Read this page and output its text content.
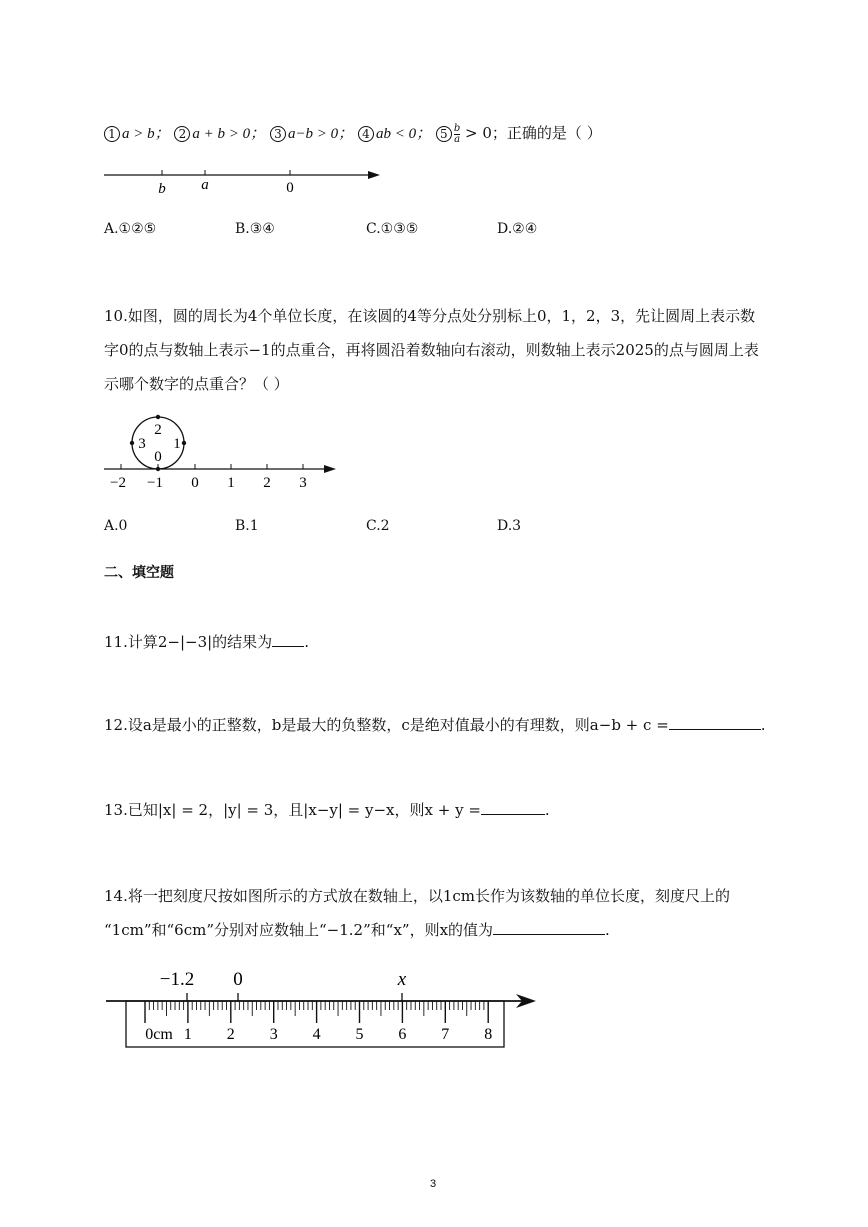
1 a > b； 2 a + b > 0； 3 a−b > 0； 4 ab < 0； $5 \frac{b}{a} > 0$；正确的是（ ）
b a	0
A.①②⑤	B.③④	C.①③⑤	D.②④
10.如图，圆的周长为4个单位长度，在该圆的4等分点处分别标上0，1，2，3，先让圆周上表示数
字0的点与数轴上表示−1的点重合，再将圆沿着数轴向右滚动，则数轴上表示2025的点与圆周上表
示哪个数字的点重合？（ ）
2
3 1
0
−2 −1 0 1 2 3
A.0	B.1	C.2	D.3
二、填空题
11.计算2−|−3|的结果为 .
12.设a是最小的正整数，b是最大的负整数，c是绝对值最小的有理数，则a−b + c =	.
13.已知|x| = 2，|y| = 3，且|x−y| = y−x，则x + y =	.
14.将一把刻度尺按如图所示的方式放在数轴上，以1cm长作为该数轴的单位长度，刻度尺上的
“1cm”和“6cm”分别对应数轴上“−1.2”和“x”，则x的值为	.
−1.2 0	x
0cm 1 2 3 4 5 6 7 8
3
